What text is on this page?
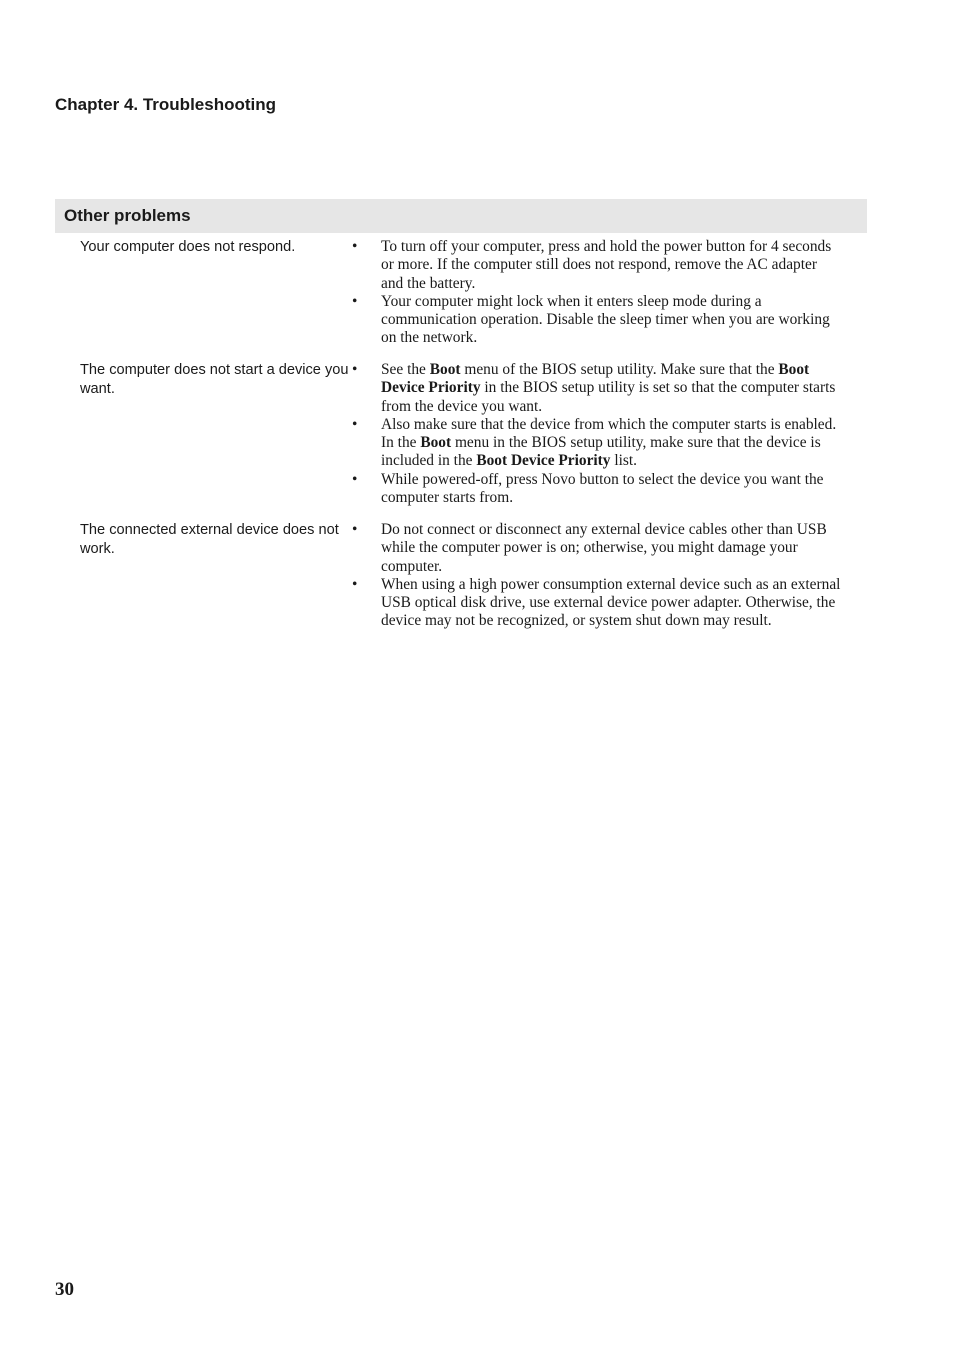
Chapter 4. Troubleshooting
Other problems
Your computer does not respond.	• To turn off your computer, press and hold the power button for 4 seconds or more. If the computer still does not respond, remove the AC adapter and the battery.
• Your computer might lock when it enters sleep mode during a communication operation. Disable the sleep timer when you are working on the network.
The computer does not start a device you want.
• See the Boot menu of the BIOS setup utility. Make sure that the Boot Device Priority in the BIOS setup utility is set so that the computer starts from the device you want.
• Also make sure that the device from which the computer starts is enabled. In the Boot menu in the BIOS setup utility, make sure that the device is included in the Boot Device Priority list.
• While powered-off, press Novo button to select the device you want the computer starts from.
The connected external device does not work.
• Do not connect or disconnect any external device cables other than USB while the computer power is on; otherwise, you might damage your computer.
• When using a high power consumption external device such as an external USB optical disk drive, use external device power adapter. Otherwise, the device may not be recognized, or system shut down may result.
30
